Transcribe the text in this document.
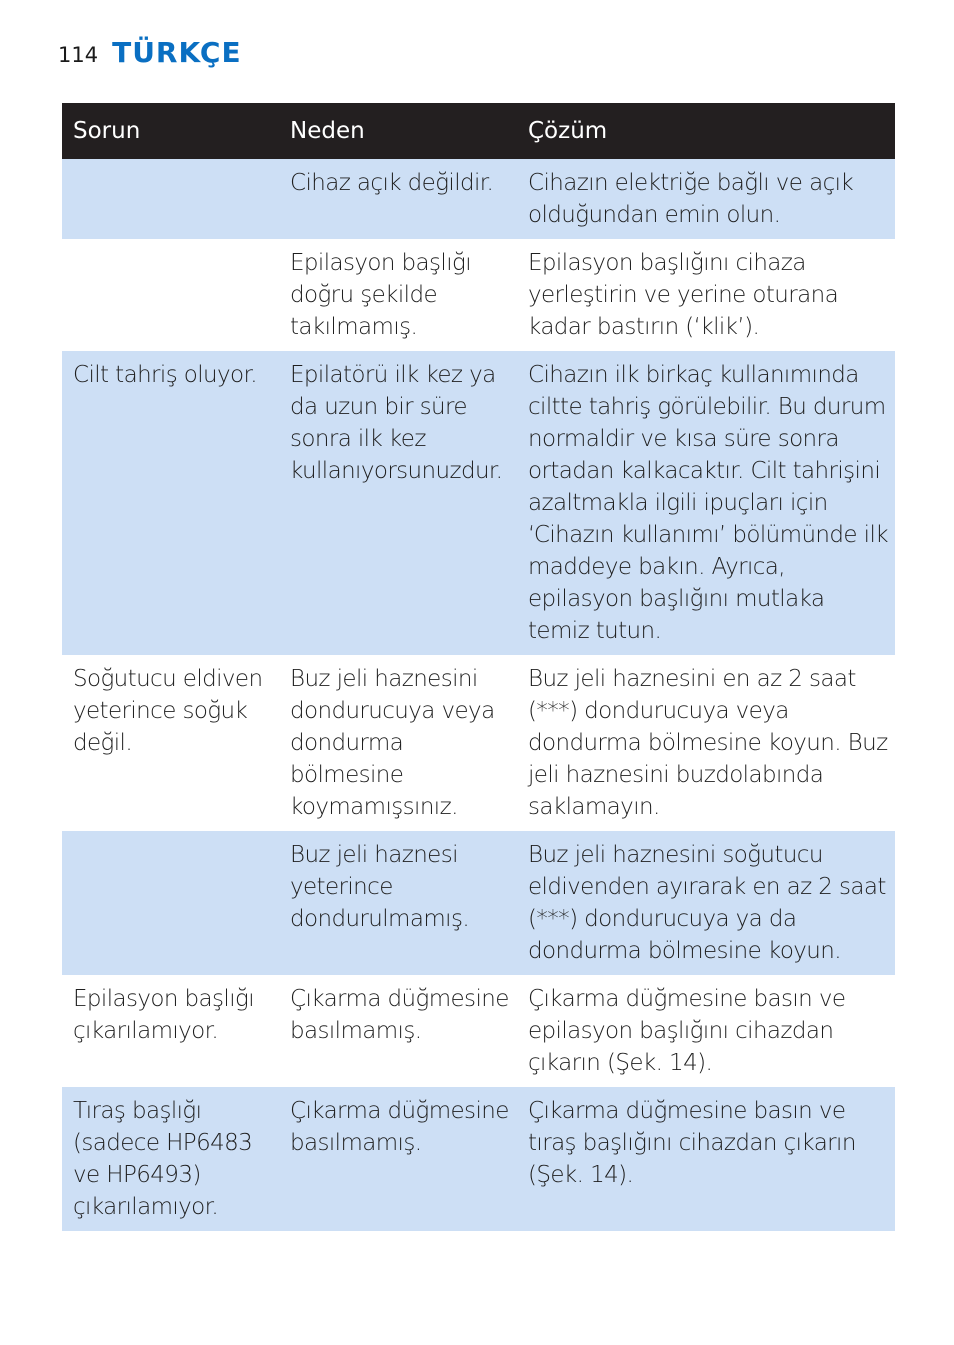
114 TÜRKÇE
Sorun	Neden	Çözüm
	Cihaz açık değildir.	Cihazın elektriğe bağlı ve açık olduğundan emin olun.
	Epilasyon başlığı doğru şekilde takılmamış.	Epilasyon başlığını cihaza yerleştirin ve yerine oturana kadar bastırın (‘klik’).
Cilt tahriş oluyor.	Epilatörü ilk kez ya da uzun bir süre sonra ilk kez kullanıyorsunuzdur.	Cihazın ilk birkaç kullanımında ciltte tahriş görülebilir. Bu durum normaldir ve kısa süre sonra ortadan kalkacaktır. Cilt tahrişini azaltmakla ilgili ipuçları için ‘Cihazın kullanımı’ bölümünde ilk maddeye bakın. Ayrıca, epilasyon başlığını mutlaka temiz tutun.
Soğutucu eldiven yeterince soğuk değil.	Buz jeli haznesini dondurucuya veya dondurma bölmesine koymamışsınız.	Buz jeli haznesini en az 2 saat (***) dondurucuya veya dondurma bölmesine koyun. Buz jeli haznesini buzdolabında saklamayın.
	Buz jeli haznesi yeterince dondurulmamış.	Buz jeli haznesini soğutucu eldivenden ayırarak en az 2 saat (***) dondurucuya ya da dondurma bölmesine koyun.
Epilasyon başlığı çıkarılamıyor.	Çıkarma düğmesine basılmamış.	Çıkarma düğmesine basın ve epilasyon başlığını cihazdan çıkarın (Şek. 14).
Tıraş başlığı (sadece HP6483 ve HP6493) çıkarılamıyor.	Çıkarma düğmesine basılmamış.	Çıkarma düğmesine basın ve tıraş başlığını cihazdan çıkarın (Şek. 14).
